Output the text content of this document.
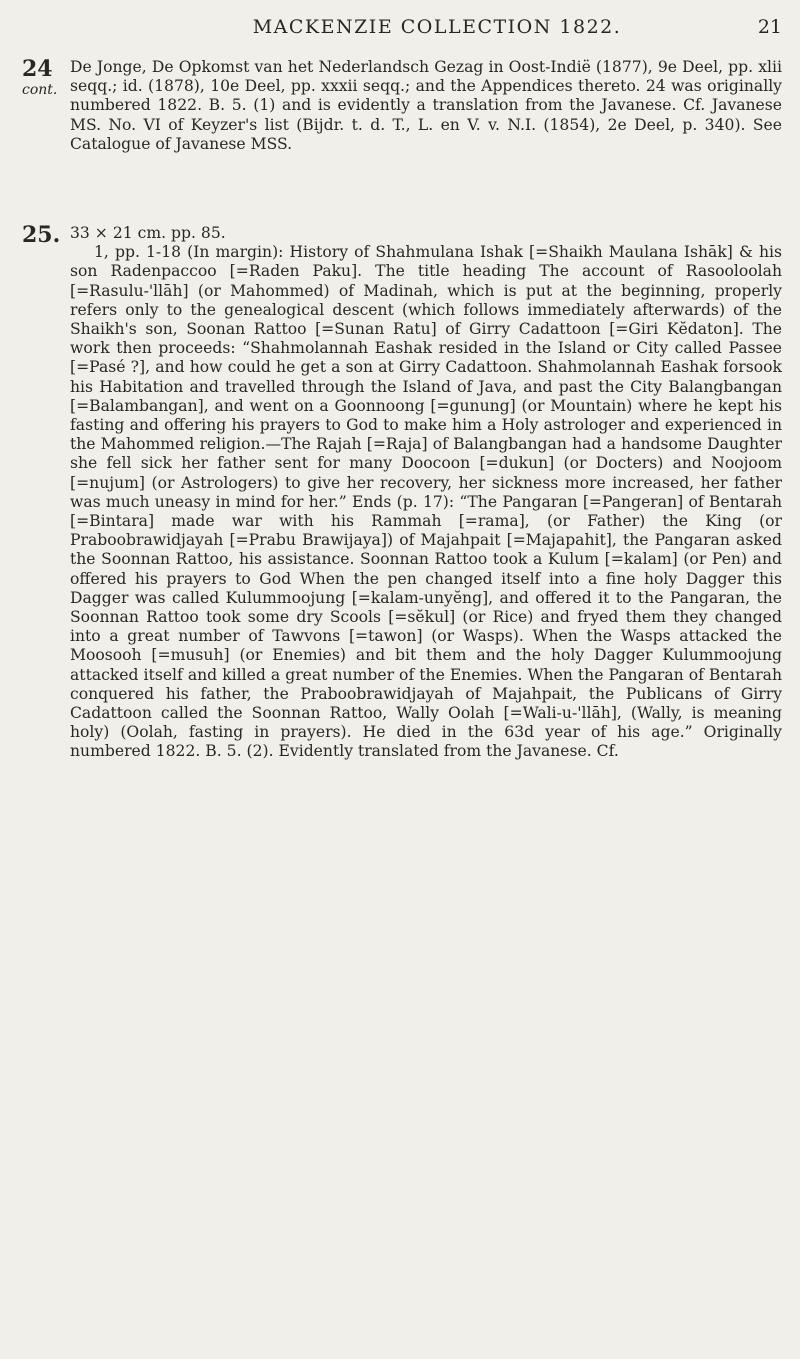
MACKENZIE COLLECTION 1822.	21
24
cont.
De Jonge, De Opkomst van het Nederlandsch Gezag in Oost-Indië (1877), 9e Deel, pp. xlii seqq.; id. (1878), 10e Deel, pp. xxxii seqq.; and the Appendices thereto. 24 was originally numbered 1822. B. 5. (1) and is evidently a translation from the Javanese. Cf. Javanese MS. No. VI of Keyzer's list (Bijdr. t. d. T., L. en V. v. N.I. (1854), 2e Deel, p. 340). See Catalogue of Javanese MSS.
25. 33 × 21 cm. pp. 85.

1, pp. 1-18 (In margin): History of Shahmulana Ishak [=Shaikh Maulana Ishāk] & his son Radenpaccoo [=Raden Paku]. The title heading The account of Rasooloolah [=Rasulu-'llāh] (or Mahommed) of Madinah, which is put at the beginning, properly refers only to the genealogical descent (which follows immediately afterwards) of the Shaikh's son, Soonan Rattoo [=Sunan Ratu] of Girry Cadattoon [=Giri Kĕdaton]. The work then proceeds: “Shahmolannah Eashak resided in the Island or City called Passee [=Pasé ?], and how could he get a son at Girry Cadattoon. Shahmolannah Eashak forsook his Habitation and travelled through the Island of Java, and past the City Balangbangan [=Balambangan], and went on a Goonnoong [=gunung] (or Mountain) where he kept his fasting and offering his prayers to God to make him a Holy astrologer and experienced in the Mahommed religion.—The Rajah [=Raja] of Balangbangan had a handsome Daughter she fell sick her father sent for many Doocoon [=dukun] (or Docters) and Noojoom [=nujum] (or Astrologers) to give her recovery, her sickness more increased, her father was much uneasy in mind for her.” Ends (p. 17): “The Pangaran [=Pangeran] of Bentarah [=Bintara] made war with his Rammah [=rama], (or Father) the King (or Praboobrawidjayah [=Prabu Brawijaya]) of Majahpait [=Majapahit], the Pangaran asked the Soonnan Rattoo, his assistance. Soonnan Rattoo took a Kulum [=kalam] (or Pen) and offered his prayers to God When the pen changed itself into a fine holy Dagger this Dagger was called Kulummoojung [=kalam-unyĕng], and offered it to the Pangaran, the Soonnan Rattoo took some dry Scools [=sĕkul] (or Rice) and fryed them they changed into a great number of Tawvons [=tawon] (or Wasps). When the Wasps attacked the Moosooh [=musuh] (or Enemies) and bit them and the holy Dagger Kulummoojung attacked itself and killed a great number of the Enemies. When the Pangaran of Bentarah conquered his father, the Praboobrawidjayah of Majahpait, the Publicans of Girry Cadattoon called the Soonnan Rattoo, Wally Oolah [=Wali-u-'llāh], (Wally, is meaning holy) (Oolah, fasting in prayers). He died in the 63d year of his age.” Originally numbered 1822. B. 5. (2). Evidently translated from the Javanese. Cf.
